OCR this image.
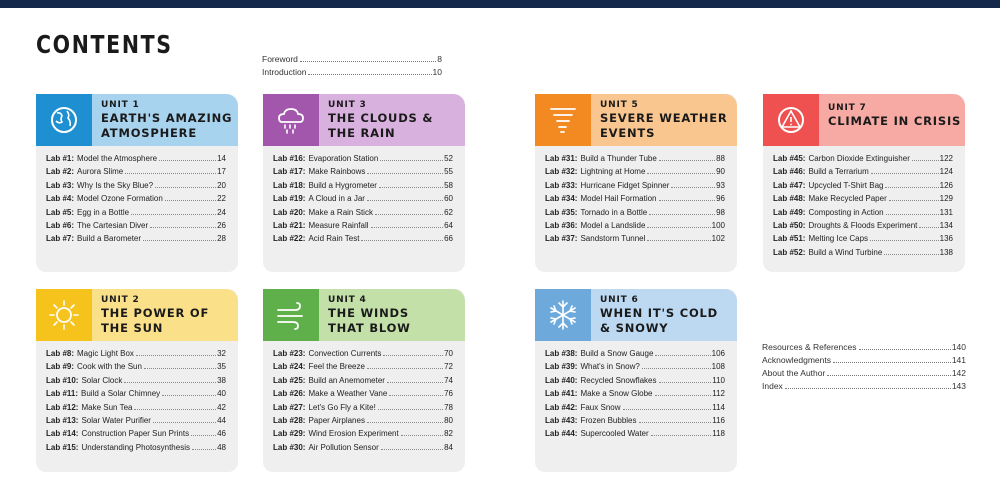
CONTENTS	Foreword	8
Introduction	10
Resources & References	140
Acknowledgments	141
About the Author	142
Index	143
UNIT 1
EARTH'S AMAZING
ATMOSPHERE
Lab #1: Model the Atmosphere	14
Lab #2: Aurora Slime	17
Lab #3: Why Is the Sky Blue?	20
Lab #4: Model Ozone Formation	22
Lab #5: Egg in a Bottle	24
Lab #6: The Cartesian Diver	26
Lab #7: Build a Barometer	28
UNIT 2
THE POWER OF
THE SUN
Lab #8: Magic Light Box	32
Lab #9: Cook with the Sun	35
Lab #10: Solar Clock	38
Lab #11: Build a Solar Chimney	40
Lab #12: Make Sun Tea	42
Lab #13: Solar Water Purifier	44
Lab #14: Construction Paper Sun Prints	46
Lab #15: Understanding Photosynthesis	48
UNIT 3
THE CLOUDS &
THE RAIN
Lab #16: Evaporation Station	52
Lab #17: Make Rainbows	55
Lab #18: Build a Hygrometer	58
Lab #19: A Cloud in a Jar	60
Lab #20: Make a Rain Stick	62
Lab #21: Measure Rainfall	64
Lab #22: Acid Rain Test	66
UNIT 4
THE WINDS
THAT BLOW
Lab #23: Convection Currents	70
Lab #24: Feel the Breeze	72
Lab #25: Build an Anemometer	74
Lab #26: Make a Weather Vane	76
Lab #27: Let's Go Fly a Kite!	78
Lab #28: Paper Airplanes	80
Lab #29: Wind Erosion Experiment	82
Lab #30: Air Pollution Sensor	84
UNIT 5
SEVERE WEATHER
EVENTS
Lab #31: Build a Thunder Tube	88
Lab #32: Lightning at Home	90
Lab #33: Hurricane Fidget Spinner	93
Lab #34: Model Hail Formation	96
Lab #35: Tornado in a Bottle	98
Lab #36: Model a Landslide	100
Lab #37: Sandstorm Tunnel	102
UNIT 6
WHEN IT'S COLD
& SNOWY
Lab #38: Build a Snow Gauge	106
Lab #39: What's in Snow?	108
Lab #40: Recycled Snowflakes	110
Lab #41: Make a Snow Globe	112
Lab #42: Faux Snow	114
Lab #43: Frozen Bubbles	116
Lab #44: Supercooled Water	118
UNIT 7
CLIMATE IN CRISIS
Lab #45: Carbon Dioxide Extinguisher	122
Lab #46: Build a Terrarium	124
Lab #47: Upcycled T-Shirt Bag	126
Lab #48: Make Recycled Paper	129
Lab #49: Composting in Action	131
Lab #50: Droughts & Floods Experiment	134
Lab #51: Melting Ice Caps	136
Lab #52: Build a Wind Turbine	138
